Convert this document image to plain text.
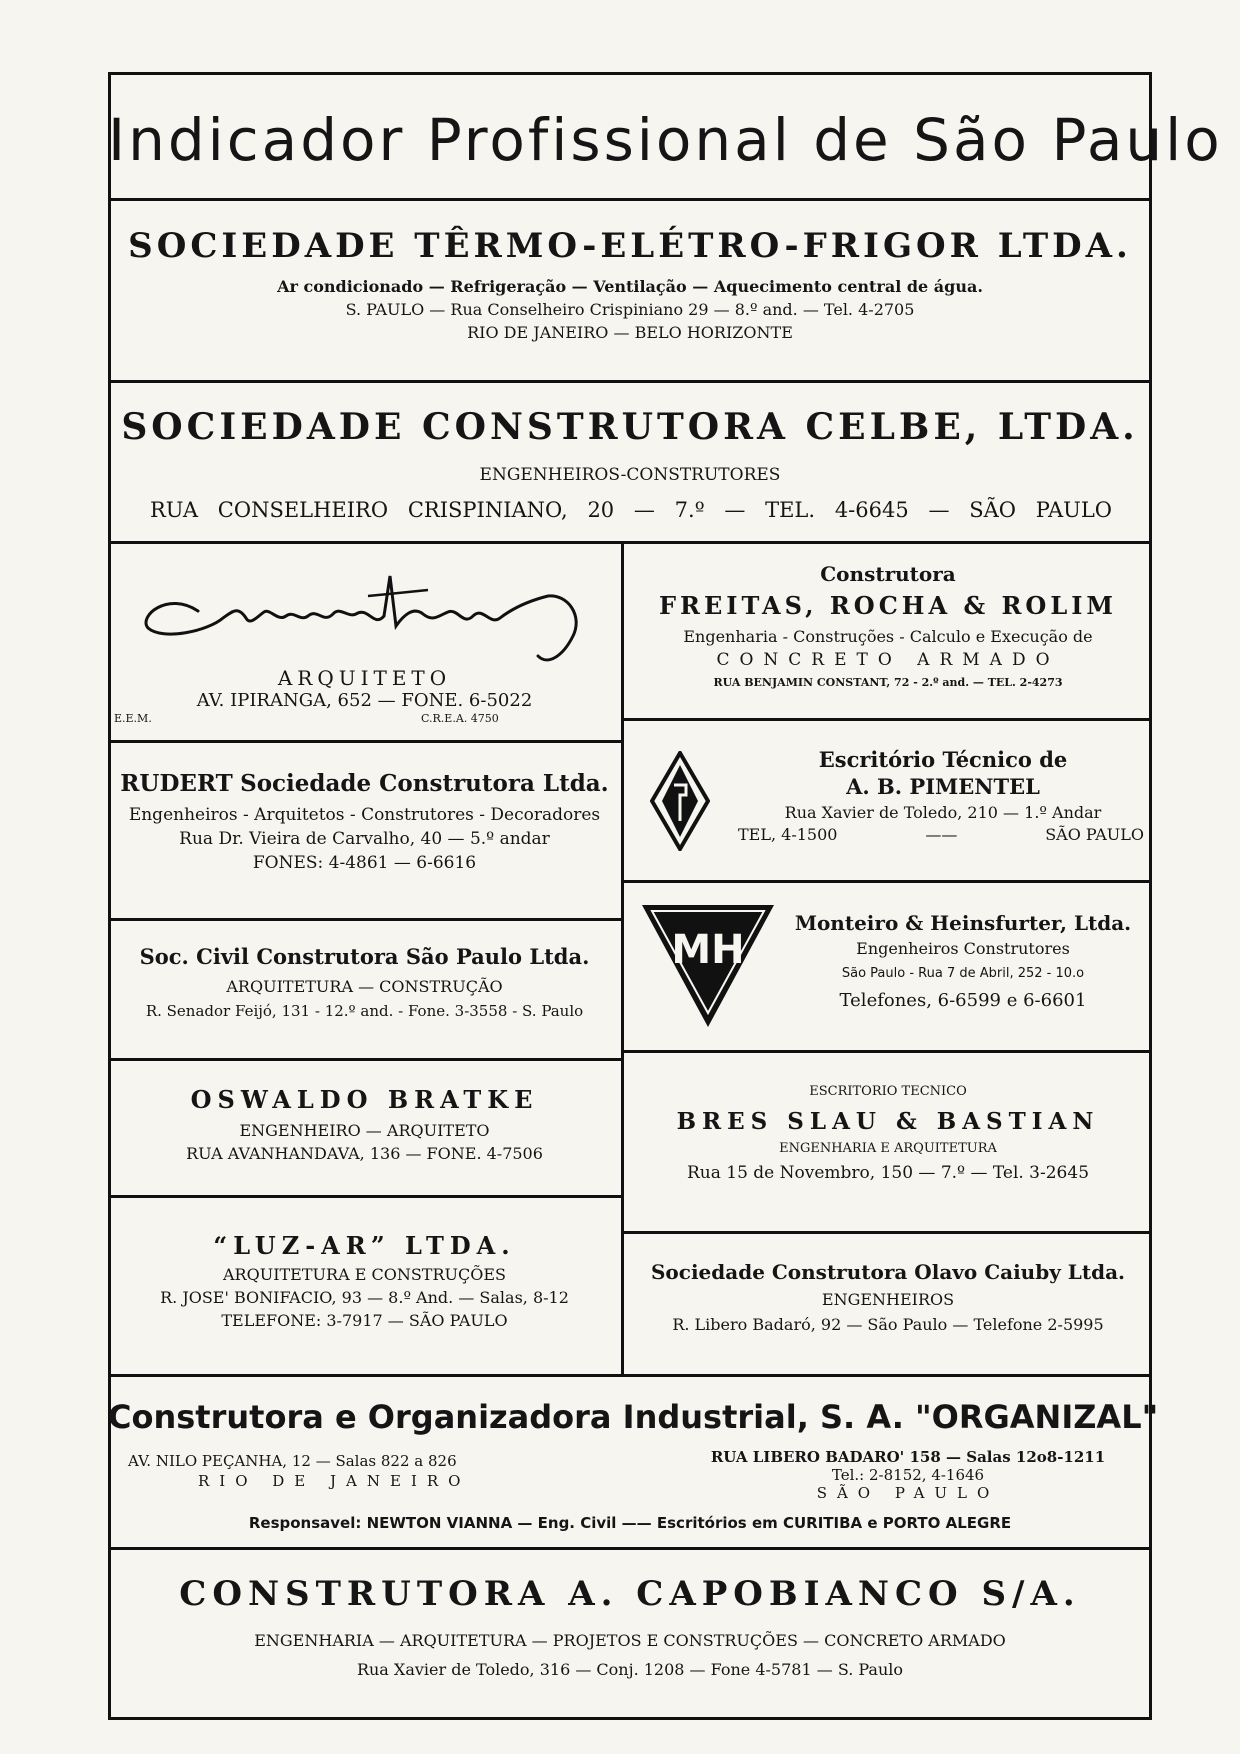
Indicador Profissional de São Paulo
SOCIEDADE TÊRMO-ELÉTRO-FRIGOR LTDA.
Ar condicionado — Refrigeração — Ventilação — Aquecimento central de água.
S. PAULO — Rua Conselheiro Crispiniano 29 — 8.º and. — Tel. 4-2705
RIO DE JANEIRO — BELO HORIZONTE
SOCIEDADE CONSTRUTORA CELBE, LTDA.
ENGENHEIROS-CONSTRUTORES
RUA CONSELHEIRO CRISPINIANO, 20 — 7.º — TEL. 4-6645 — SÃO PAULO
ARQUITETO
AV. IPIRANGA, 652 — FONE. 6-5022
E.E.M.	C.R.E.A. 4750
RUDERT Sociedade Construtora Ltda.
Engenheiros - Arquitetos - Construtores - Decoradores
Rua Dr. Vieira de Carvalho, 40 — 5.º andar
FONES: 4-4861 — 6-6616
Soc. Civil Construtora São Paulo Ltda.
ARQUITETURA — CONSTRUÇÃO
R. Senador Feijó, 131 - 12.º and. - Fone. 3-3558 - S. Paulo
OSWALDO BRATKE
ENGENHEIRO — ARQUITETO
RUA AVANHANDAVA, 136 — FONE. 4-7506
“LUZ-AR” LTDA.
ARQUITETURA E CONSTRUÇÕES
R. JOSE' BONIFACIO, 93 — 8.º And. — Salas, 8-12
TELEFONE: 3-7917 — SÃO PAULO
Construtora
FREITAS, ROCHA & ROLIM
Engenharia - Construções - Calculo e Execução de
CONCRETO ARMADO
RUA BENJAMIN CONSTANT, 72 - 2.º and. — TEL. 2-4273
Escritório Técnico de
A. B. PIMENTEL
Rua Xavier de Toledo, 210 — 1.º Andar
TEL, 4-1500	——	SÃO PAULO
MH
Monteiro & Heinsfurter, Ltda.
Engenheiros Construtores
São Paulo - Rua 7 de Abril, 252 - 10.o
Telefones, 6-6599 e 6-6601
ESCRITORIO TECNICO
BRES SLAU & BASTIAN
ENGENHARIA E ARQUITETURA
Rua 15 de Novembro, 150 — 7.º — Tel. 3-2645
Sociedade Construtora Olavo Caiuby Ltda.
ENGENHEIROS
R. Libero Badaró, 92 — São Paulo — Telefone 2-5995
Construtora e Organizadora Industrial, S. A. "ORGANIZAL"
AV. NILO PEÇANHA, 12 — Salas 822 a 826
RIO DE JANEIRO
RUA LIBERO BADARO' 158 — Salas 12o8-1211
Tel.: 2-8152, 4-1646
SÃO PAULO
Responsavel: NEWTON VIANNA — Eng. Civil —— Escritórios em CURITIBA e PORTO ALEGRE
CONSTRUTORA A. CAPOBIANCO S/A.
ENGENHARIA — ARQUITETURA — PROJETOS E CONSTRUÇÕES — CONCRETO ARMADO
Rua Xavier de Toledo, 316 — Conj. 1208 — Fone 4-5781 — S. Paulo
